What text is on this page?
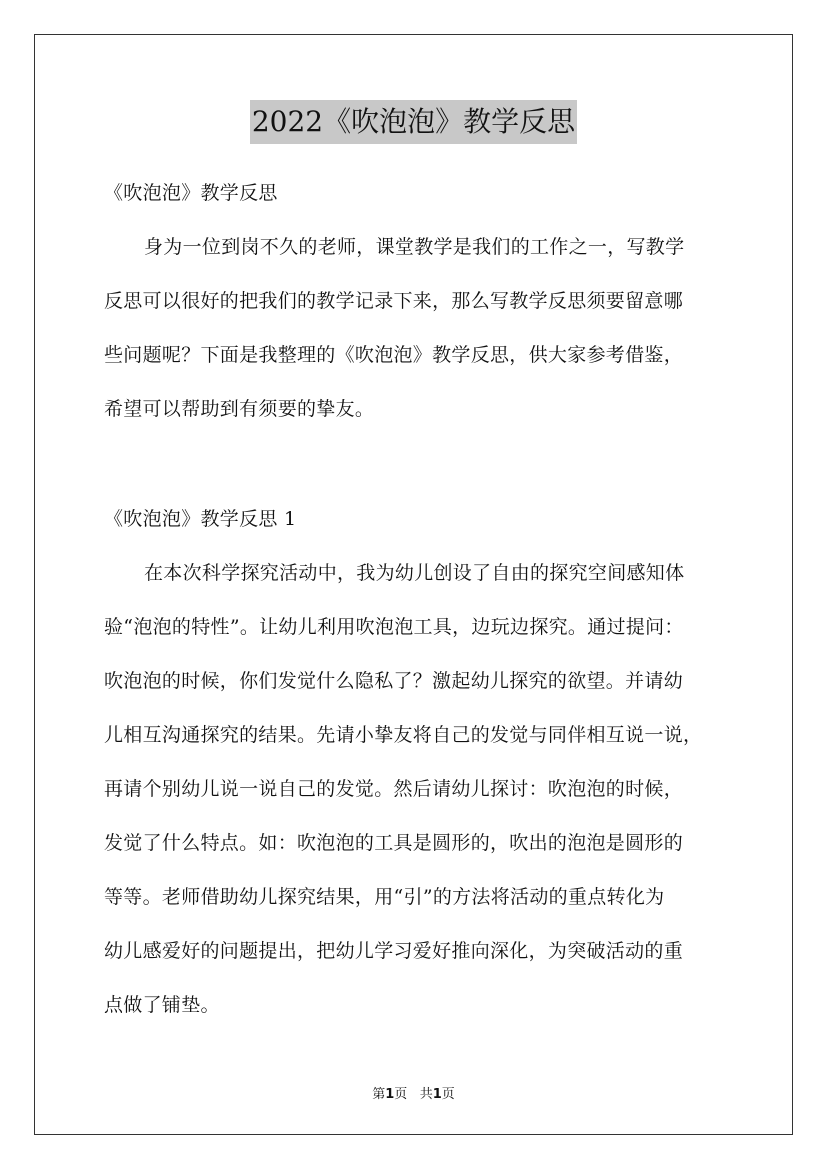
2022《吹泡泡》教学反思
《吹泡泡》教学反思
身为一位到岗不久的老师，课堂教学是我们的工作之一，写教学
反思可以很好的把我们的教学记录下来，那么写教学反思须要留意哪
些问题呢？下面是我整理的《吹泡泡》教学反思，供大家参考借鉴，
希望可以帮助到有须要的挚友。
《吹泡泡》教学反思 1
在本次科学探究活动中，我为幼儿创设了自由的探究空间感知体
验“泡泡的特性”。让幼儿利用吹泡泡工具，边玩边探究。通过提问：
吹泡泡的时候，你们发觉什么隐私了？激起幼儿探究的欲望。并请幼
儿相互沟通探究的结果。先请小挚友将自己的发觉与同伴相互说一说，
再请个别幼儿说一说自己的发觉。然后请幼儿探讨：吹泡泡的时候，
发觉了什么特点。如：吹泡泡的工具是圆形的，吹出的泡泡是圆形的
等等。老师借助幼儿探究结果，用“引”的方法将活动的重点转化为
幼儿感爱好的问题提出，把幼儿学习爱好推向深化，为突破活动的重
点做了铺垫。
第1页 共1页
